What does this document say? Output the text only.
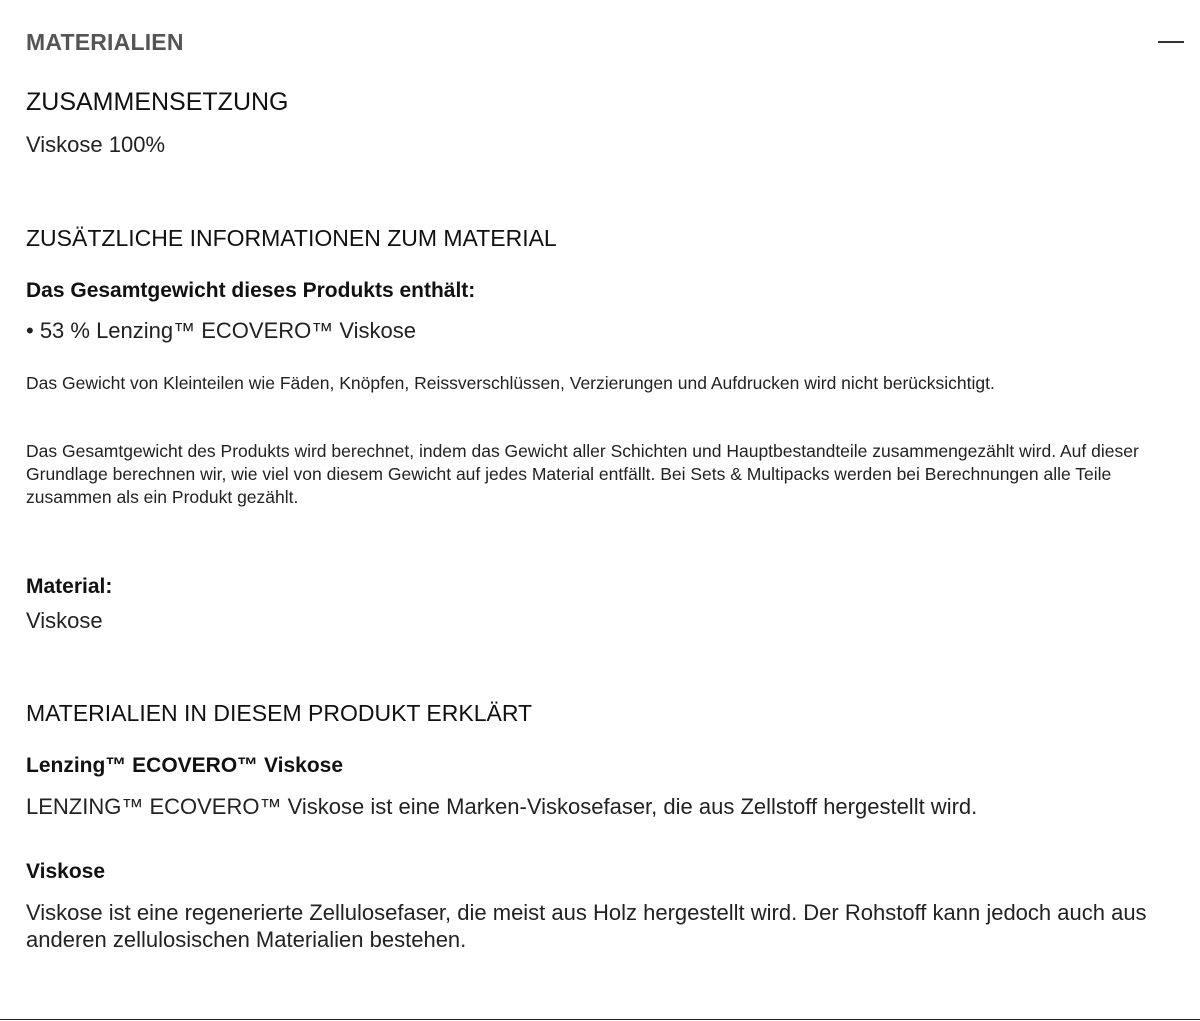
MATERIALIEN
ZUSAMMENSETZUNG
Viskose 100%
ZUSÄTZLICHE INFORMATIONEN ZUM MATERIAL
Das Gesamtgewicht dieses Produkts enthält:
• 53 % Lenzing™ ECOVERO™ Viskose
Das Gewicht von Kleinteilen wie Fäden, Knöpfen, Reissverschlüssen, Verzierungen und Aufdrucken wird nicht berücksichtigt.
Das Gesamtgewicht des Produkts wird berechnet, indem das Gewicht aller Schichten und Hauptbestandteile zusammengezählt wird. Auf dieser Grundlage berechnen wir, wie viel von diesem Gewicht auf jedes Material entfällt. Bei Sets & Multipacks werden bei Berechnungen alle Teile zusammen als ein Produkt gezählt.
Material:
Viskose
MATERIALIEN IN DIESEM PRODUKT ERKLÄRT
Lenzing™ ECOVERO™ Viskose
LENZING™ ECOVERO™ Viskose ist eine Marken-Viskosefaser, die aus Zellstoff hergestellt wird.
Viskose
Viskose ist eine regenerierte Zellulosefaser, die meist aus Holz hergestellt wird. Der Rohstoff kann jedoch auch aus anderen zellulosischen Materialien bestehen.
